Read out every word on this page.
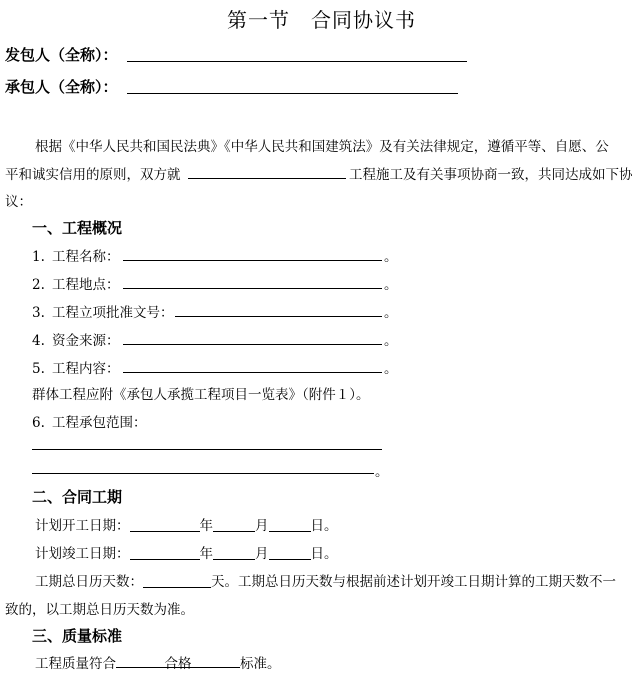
第一节　合同协议书
发包人（全称）：
承包人（全称）：
根据《中华人民共和国民法典》《中华人民共和国建筑法》及有关法律规定，遵循平等、自愿、公
平和诚实信用的原则，双方就	工程施工及有关事项协商一致，共同达成如下协
议：
一、工程概况
1. 工程名称：	。
2. 工程地点：	。
3. 工程立项批准文号：	。
4. 资金来源：	。
5. 工程内容：	。
群体工程应附《承包人承揽工程项目一览表》（附件１）。
6. 工程承包范围：
。
二、合同工期
计划开工日期：	年	月	日。
计划竣工日期：	年	月	日。
工期总日历天数：	天。工期总日历天数与根据前述计划开竣工日期计算的工期天数不一
致的，以工期总日历天数为准。
三、质量标准
工程质量符合	合格	标准。
